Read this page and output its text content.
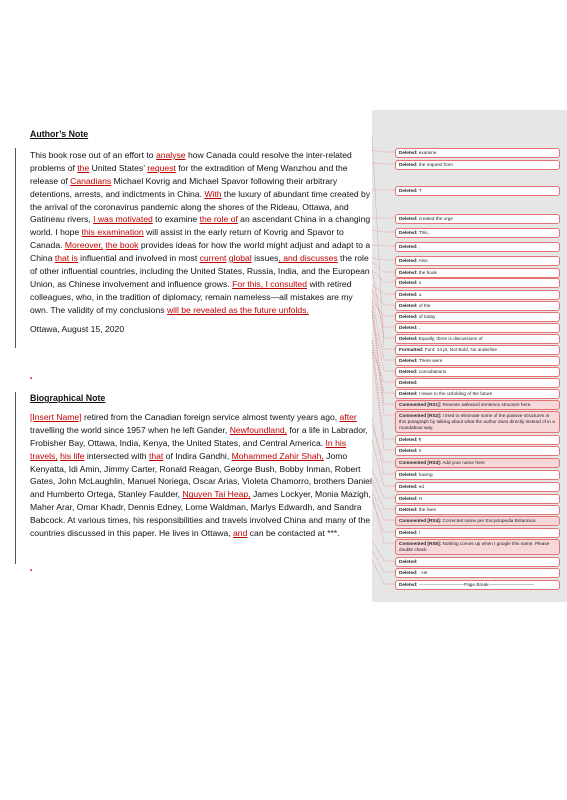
Author’s Note

This book rose out of an effort to analyse how Canada could resolve the inter-related problems of the United States’ request for the extradition of Meng Wanzhou and the release of Canadians Michael Kovrig and Michael Spavor following their arbitrary detentions, arrests, and indictments in China. With the luxury of abundant time created by the arrival of the coronavirus pandemic along the shores of the Rideau, Ottawa, and Gatineau rivers, I was motivated to examine the role of an ascendant China in a changing world. I hope this examination will assist in the early return of Kovrig and Spavor to Canada. Moreover, the book provides ideas for how the world might adjust and adapt to a China that is influential and involved in most current global issues, and discusses the role of other influential countries, including the United States, Russia, India, and the European Union, as Chinese involvement and influence grows. For this, I consulted with retired colleagues, who, in the tradition of diplomacy, remain nameless—all mistakes are my own. The validity of my conclusions will be revealed as the future unfolds.

Ottawa, August 15, 2020

▪

Biographical Note

[Insert Name] retired from the Canadian foreign service almost twenty years ago, after travelling the world since 1957 when he left Gander, Newfoundland, for a life in Labrador, Frobisher Bay, Ottawa, India, Kenya, the United States, and Central America. In his travels, his life intersected with that of Indira Gandhi, Mohammed Zahir Shah, Jomo Kenyatta, Idi Amin, Jimmy Carter, Ronald Reagan, George Bush, Bobby Inman, Robert Gates, John McLaughlin, Manuel Noriega, Oscar Arias, Violeta Chamorro, brothers Daniel and Humberto Ortega, Stanley Faulder, Nguyen Tai Heap, James Lockyer, Monia Mazigh, Maher Arar, Omar Khadr, Dennis Edney, Lorne Waldman, Marlys Edwardh, and Sandra Babcock. At various times, his responsibilities and travels involved China and many of the countries discussed in this paper. He lives in Ottawa, and can be contacted at ***.

▪
Deleted: examine
Deleted: the request from
Deleted: T
Deleted: created the urge
Deleted: This,
Deleted: ,
Deleted: Also
Deleted: the book
Deleted: s
Deleted: u
Deleted: of the
Deleted: of today
Deleted: ,
Deleted: Equally, there is discussions of
Formatted: Font: 14 pt, Not Bold, No underline
Deleted: There were
Deleted: consultations
Deleted:
Deleted: I leave to the unfolding of the future
Commented [RS1]: Rewrote awkward sentence structure here.
Commented [RS2]: I tried to eliminate some of the passive structures in this paragraph by talking about what the author does directly instead of in a roundabout way.
Deleted: ¶
Deleted: n
Commented [RS3]: Add your name here
Deleted: having
Deleted: ed
Deleted: H
Deleted: the lives
Commented [RS4]: Corrected name per Encyclopedia Britannica
Deleted: i
Commented [RS5]: Nothing comes up when I google this name. Please double check
Deleted:
Deleted: . He
Deleted: -----------------------------Page Break-----------------------------
